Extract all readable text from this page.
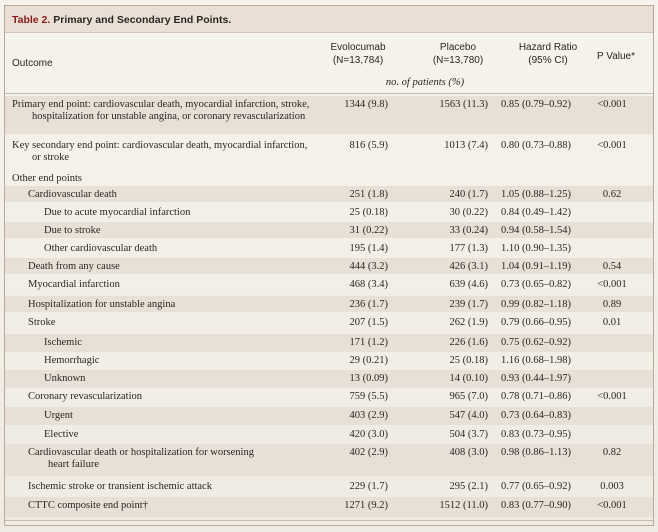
Table 2. Primary and Secondary End Points.
Outcome
Evolocumab
(N=13,784)
Placebo
(N=13,780)
Hazard Ratio
(95% CI)	P Value*
no. of patients (%)
Primary end point: cardiovascular death, myocardial infarction, stroke, hospitalization for unstable angina, or coronary revascularization
1344 (9.8)	1563 (11.3) 0.85 (0.79–0.92)	<0.001
Key secondary end point: cardiovascular death, myocardial infarction, or stroke
816 (5.9)	1013 (7.4) 0.80 (0.73–0.88)	<0.001
Other end points
Cardiovascular death	251 (1.8)	240 (1.7) 1.05 (0.88–1.25)	0.62
Due to acute myocardial infarction	25 (0.18)	30 (0.22) 0.84 (0.49–1.42)
Due to stroke	31 (0.22)	33 (0.24) 0.94 (0.58–1.54)
Other cardiovascular death	195 (1.4)	177 (1.3) 1.10 (0.90–1.35)
Death from any cause	444 (3.2)	426 (3.1) 1.04 (0.91–1.19)	0.54
Myocardial infarction	468 (3.4)	639 (4.6) 0.73 (0.65–0.82)	<0.001
Hospitalization for unstable angina	236 (1.7)	239 (1.7) 0.99 (0.82–1.18)	0.89
Stroke	207 (1.5)	262 (1.9) 0.79 (0.66–0.95)	0.01
Ischemic	171 (1.2)	226 (1.6) 0.75 (0.62–0.92)
Hemorrhagic	29 (0.21)	25 (0.18) 1.16 (0.68–1.98)
Unknown	13 (0.09)	14 (0.10) 0.93 (0.44–1.97)
Coronary revascularization	759 (5.5)	965 (7.0) 0.78 (0.71–0.86)	<0.001
Urgent	403 (2.9)	547 (4.0) 0.73 (0.64–0.83)
Elective	420 (3.0)	504 (3.7) 0.83 (0.73–0.95)
Cardiovascular death or hospitalization for worsening heart failure
402 (2.9)	408 (3.0) 0.98 (0.86–1.13)	0.82
Ischemic stroke or transient ischemic attack	229 (1.7)	295 (2.1) 0.77 (0.65–0.92)	0.003
CTTC composite end point†	1271 (9.2)	1512 (11.0) 0.83 (0.77–0.90)	<0.001
